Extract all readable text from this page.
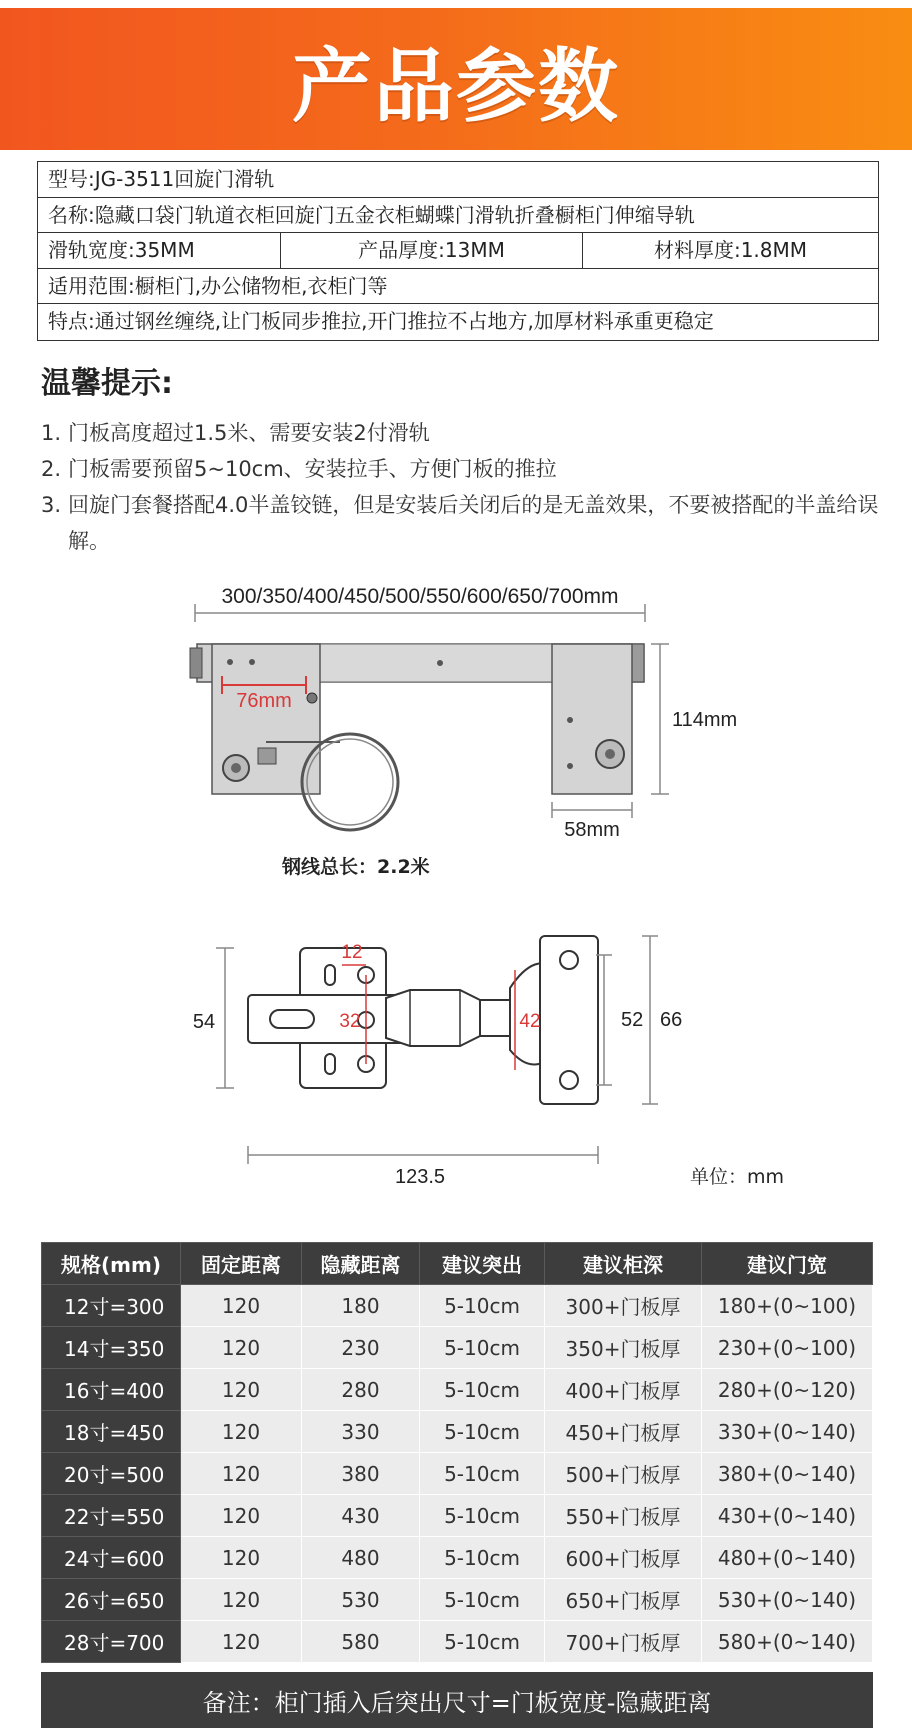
产品参数
型号:JG-3511回旋门滑轨
名称:隐藏口袋门轨道衣柜回旋门五金衣柜蝴蝶门滑轨折叠橱柜门伸缩导轨
滑轨宽度:35MM	产品厚度:13MM	材料厚度:1.8MM
适用范围:橱柜门,办公储物柜,衣柜门等
特点:通过钢丝缠绕,让门板同步推拉,开门推拉不占地方,加厚材料承重更稳定
温馨提示:
1. 门板高度超过1.5米、需要安装2付滑轨
2. 门板需要预留5~10cm、安装拉手、方便门板的推拉
3. 回旋门套餐搭配4.0半盖铰链，但是安装后关闭后的是无盖效果，不要被搭配的半盖给误解。
300/350/400/450/500/550/600/650/700mm
76mm
114mm
58mm
钢线总长：2.2米
12
32	42
54	52 66
123.5	单位：mm
规格(mm)	固定距离	隐藏距离	建议突出	建议柜深	建议门宽
12寸=300	120	180	5-10cm	300+门板厚	180+(0~100)
14寸=350	120	230	5-10cm	350+门板厚	230+(0~100)
16寸=400	120	280	5-10cm	400+门板厚	280+(0~120)
18寸=450	120	330	5-10cm	450+门板厚	330+(0~140)
20寸=500	120	380	5-10cm	500+门板厚	380+(0~140)
22寸=550	120	430	5-10cm	550+门板厚	430+(0~140)
24寸=600	120	480	5-10cm	600+门板厚	480+(0~140)
26寸=650	120	530	5-10cm	650+门板厚	530+(0~140)
28寸=700	120	580	5-10cm	700+门板厚	580+(0~140)
备注：柜门插入后突出尺寸=门板宽度-隐藏距离
